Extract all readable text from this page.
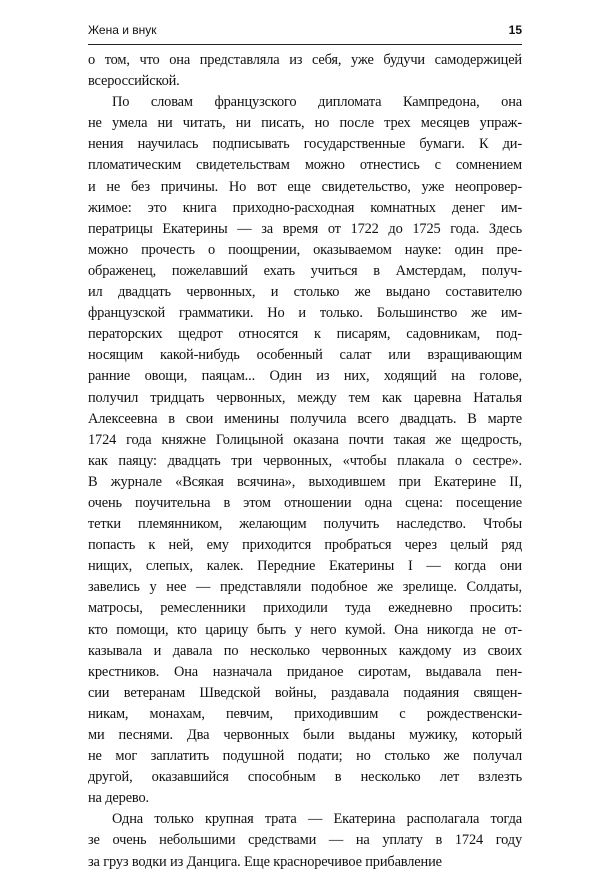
Жена и внук	15
о том, что она представляла из себя, уже будучи самодержицей
всероссийской.
По словам французского дипломата Кампредона, она
не умела ни читать, ни писать, но после трех месяцев упраж-
нения научилась подписывать государственные бумаги. К ди-
пломатическим свидетельствам можно отнестись с сомнением
и не без причины. Но вот еще свидетельство, уже неопровер-
жимое: это книга приходно-расходная комнатных денег им-
ператрицы Екатерины — за время от 1722 до 1725 года. Здесь
можно прочесть о поощрении, оказываемом науке: один пре-
ображенец, пожелавший ехать учиться в Амстердам, получ-
ил двадцать червонных, и столько же выдано составителю
французской грамматики. Но и только. Большинство же им-
ператорских щедрот относятся к писарям, садовникам, под-
носящим какой-нибудь особенный салат или взращивающим
ранние овощи, паяцам... Один из них, ходящий на голове,
получил тридцать червонных, между тем как царевна Наталья
Алексеевна в свои именины получила всего двадцать. В марте
1724 года княжне Голицыной оказана почти такая же щедрость,
как паяцу: двадцать три червонных, «чтобы плакала о сестре».
В журнале «Всякая всячина», выходившем при Екатерине II,
очень поучительна в этом отношении одна сцена: посещение
тетки племянником, желающим получить наследство. Чтобы
попасть к ней, ему приходится пробраться через целый ряд
нищих, слепых, калек. Передние Екатерины I — когда они
завелись у нее — представляли подобное же зрелище. Солдаты,
матросы, ремесленники приходили туда ежедневно просить:
кто помощи, кто царицу быть у него кумой. Она никогда не от-
казывала и давала по несколько червонных каждому из своих
крестников. Она назначала приданое сиротам, выдавала пен-
сии ветеранам Шведской войны, раздавала подаяния священ-
никам, монахам, певчим, приходившим с рождественски-
ми песнями. Два червонных были выданы мужику, который
не мог заплатить подушной подати; но столько же получал
другой, оказавшийся способным в несколько лет взлезть
на дерево.
Одна только крупная трата — Екатерина располагала тогда
зе очень небольшими средствами — на уплату в 1724 году
за груз водки из Данцига. Еще красноречивое прибавление
